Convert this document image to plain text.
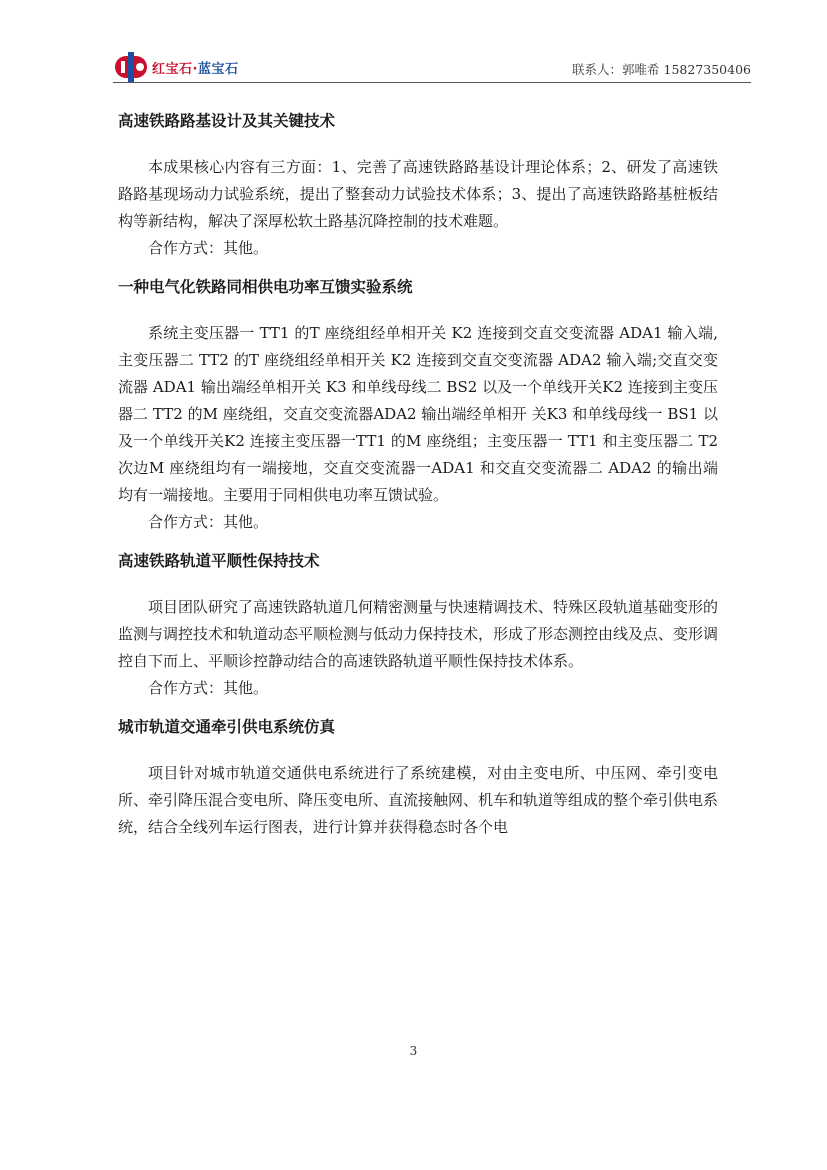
红宝石·蓝宝石	联系人：郭唯希 15827350406
高速铁路路基设计及其关键技术

本成果核心内容有三方面：1、完善了高速铁路路基设计理论体系；2、研发了高速铁路路基现场动力试验系统，提出了整套动力试验技术体系；3、提出了高速铁路路基桩板结构等新结构，解决了深厚松软土路基沉降控制的技术难题。

合作方式：其他。

一种电气化铁路同相供电功率互馈实验系统

系统主变压器一 TT1 的T 座绕组经单相开关 K2 连接到交直交变流器 ADA1 输入端,主变压器二 TT2 的T 座绕组经单相开关 K2 连接到交直交变流器 ADA2 输入端;交直交变流器 ADA1 输出端经单相开关 K3 和单线母线二 BS2 以及一个单线开关K2 连接到主变压器二 TT2 的M 座绕组，交直交变流器ADA2 输出端经单相开 关K3 和单线母线一 BS1 以及一个单线开关K2 连接主变压器一TT1 的M 座绕组；主变压器一 TT1 和主变压器二 T2 次边M 座绕组均有一端接地，交直交变流器一ADA1 和交直交变流器二 ADA2 的输出端均有一端接地。主要用于同相供电功率互馈试验。

合作方式：其他。

高速铁路轨道平顺性保持技术

项目团队研究了高速铁路轨道几何精密测量与快速精调技术、特殊区段轨道基础变形的监测与调控技术和轨道动态平顺检测与低动力保持技术，形成了形态测控由线及点、变形调控自下而上、平顺诊控静动结合的高速铁路轨道平顺性保持技术体系。

合作方式：其他。

城市轨道交通牵引供电系统仿真

项目针对城市轨道交通供电系统进行了系统建模，对由主变电所、中压网、牵引变电所、牵引降压混合变电所、降压变电所、直流接触网、机车和轨道等组成的整个牵引供电系统，结合全线列车运行图表，进行计算并获得稳态时各个电

3
